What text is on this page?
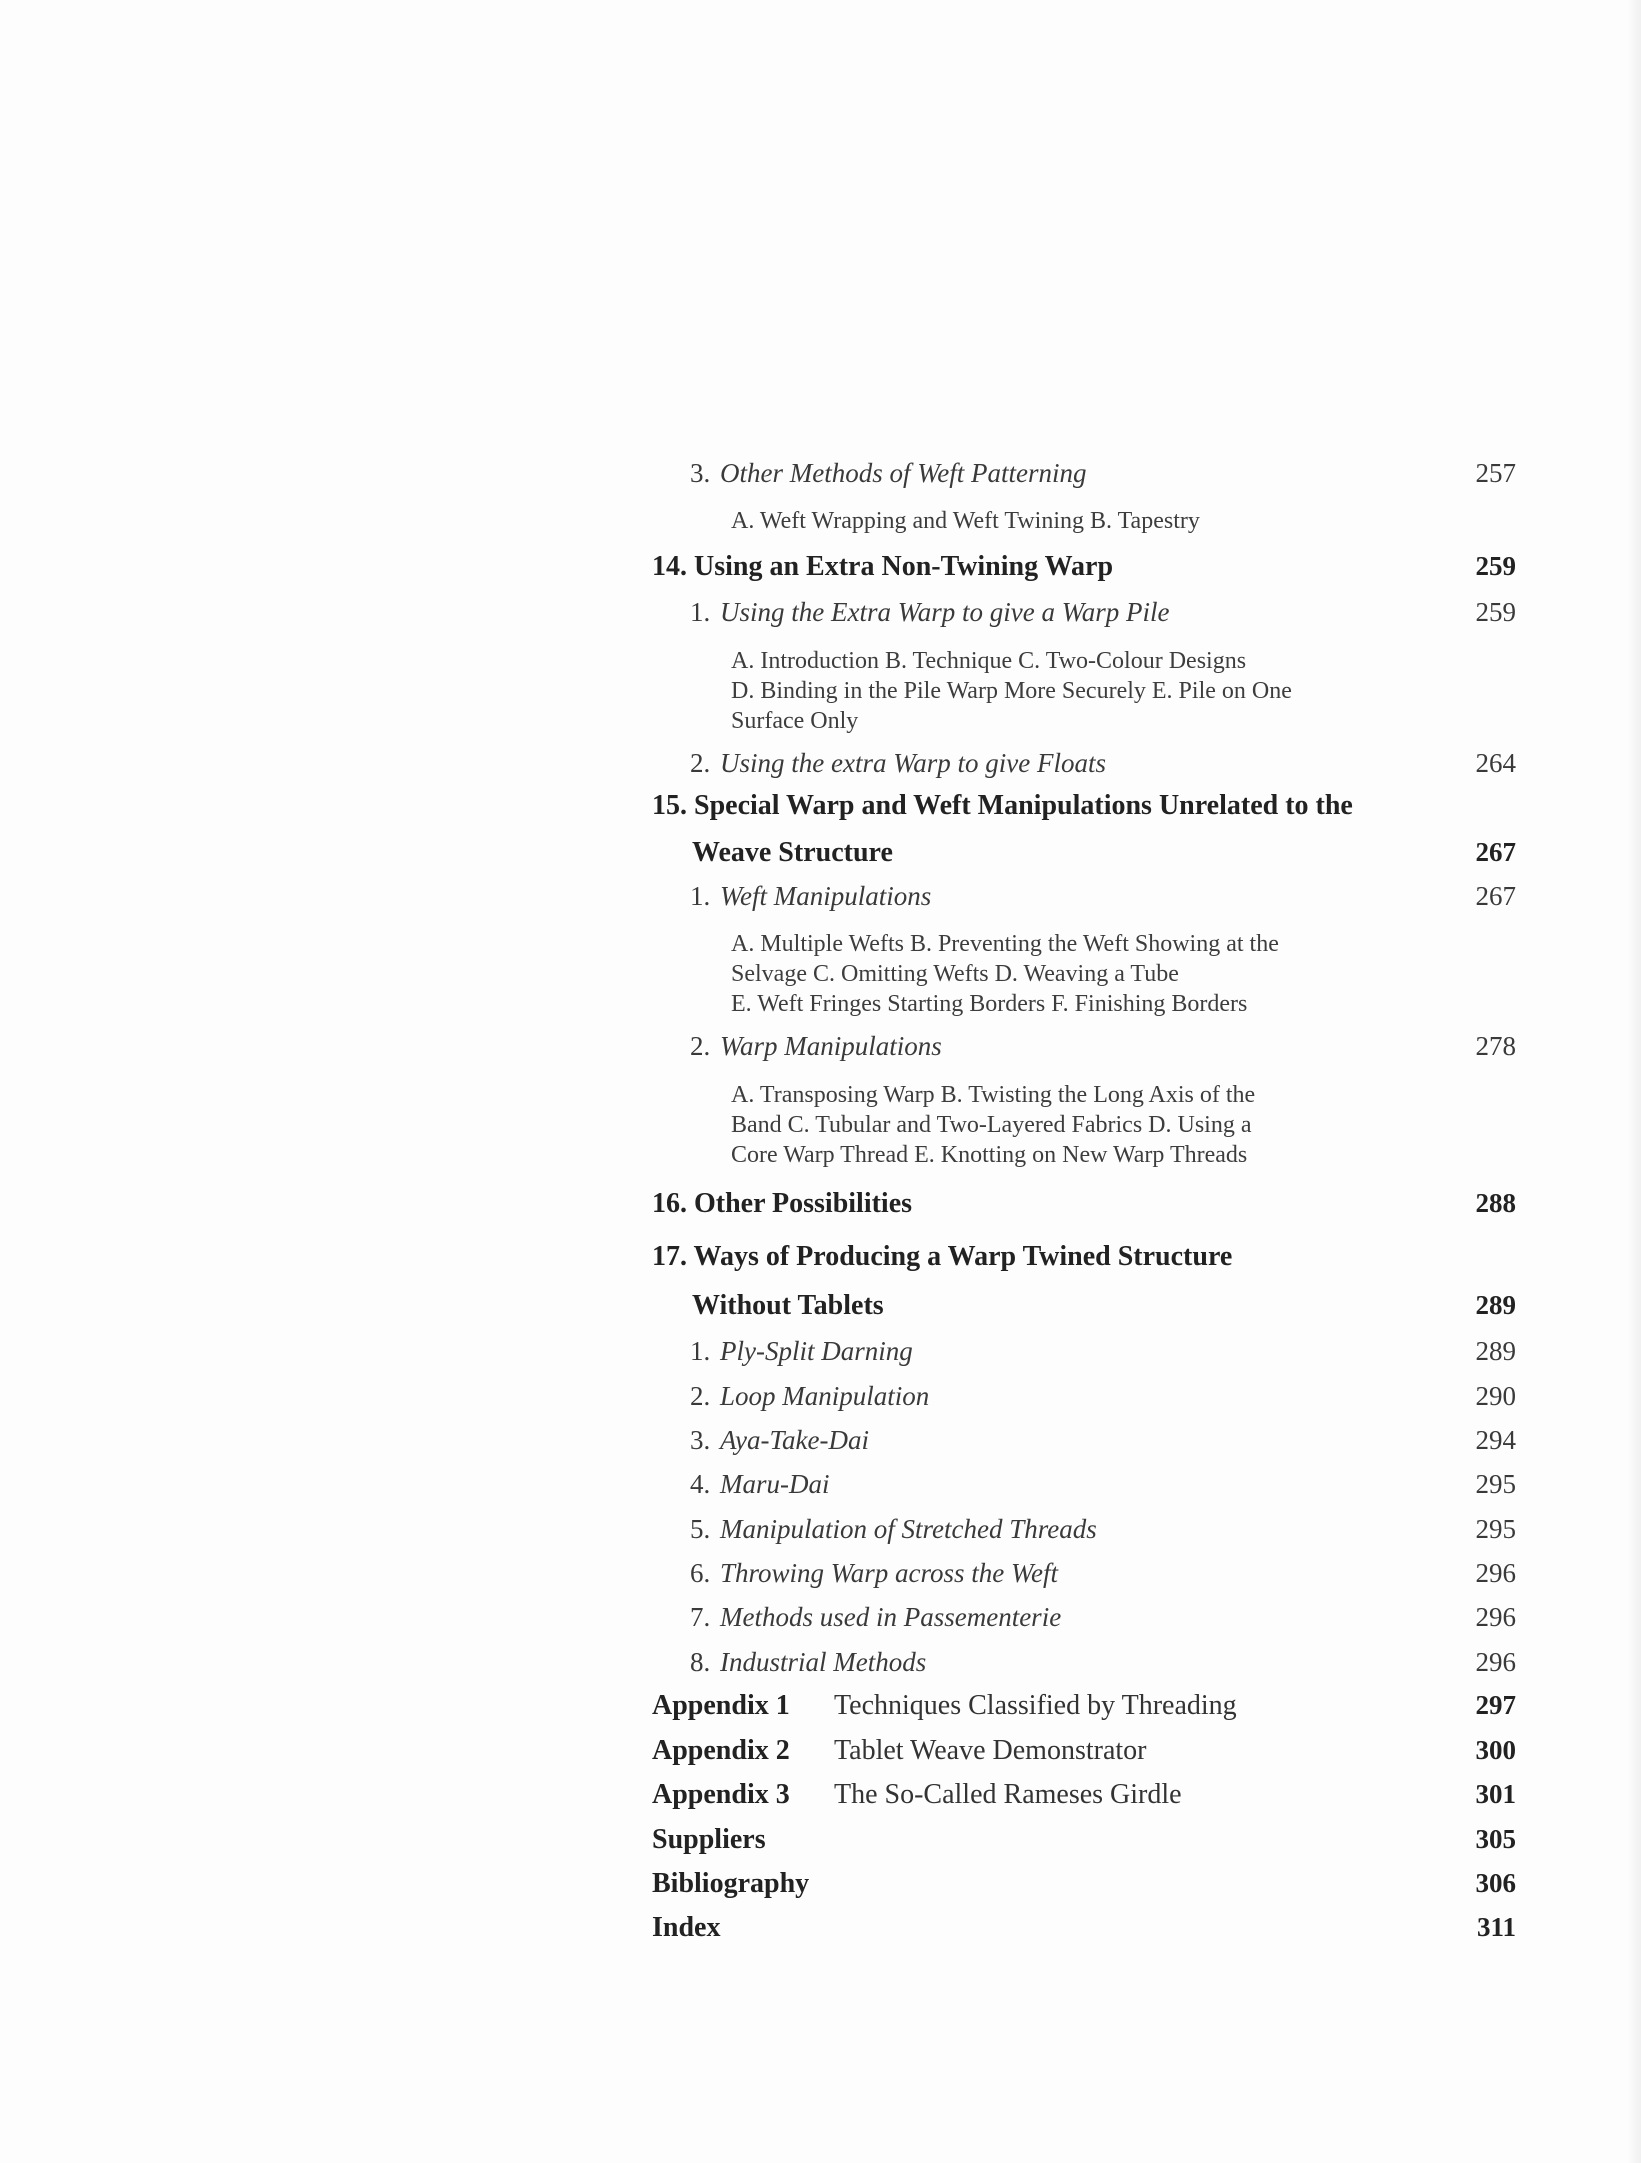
3. Other Methods of Weft Patterning	257
A. Weft Wrapping and Weft Twining B. Tapestry
14. Using an Extra Non-Twining Warp	259
1. Using the Extra Warp to give a Warp Pile	259
A. Introduction B. Technique C. Two-Colour Designs
D. Binding in the Pile Warp More Securely E. Pile on One
Surface Only
2. Using the extra Warp to give Floats	264
15. Special Warp and Weft Manipulations Unrelated to the
Weave Structure	267
1. Weft Manipulations	267
A. Multiple Wefts B. Preventing the Weft Showing at the
Selvage C. Omitting Wefts D. Weaving a Tube
E. Weft Fringes Starting Borders F. Finishing Borders
2. Warp Manipulations	278
A. Transposing Warp B. Twisting the Long Axis of the
Band C. Tubular and Two-Layered Fabrics D. Using a
Core Warp Thread E. Knotting on New Warp Threads
16. Other Possibilities	288
17. Ways of Producing a Warp Twined Structure
Without Tablets	289
1. Ply-Split Darning	289
2. Loop Manipulation	290
3. Aya-Take-Dai	294
4. Maru-Dai	295
5. Manipulation of Stretched Threads	295
6. Throwing Warp across the Weft	296
7. Methods used in Passementerie	296
8. Industrial Methods	296
Appendix 1 Techniques Classified by Threading	297
Appendix 2 Tablet Weave Demonstrator	300
Appendix 3 The So-Called Rameses Girdle	301
Suppliers	305
Bibliography	306
Index	311
